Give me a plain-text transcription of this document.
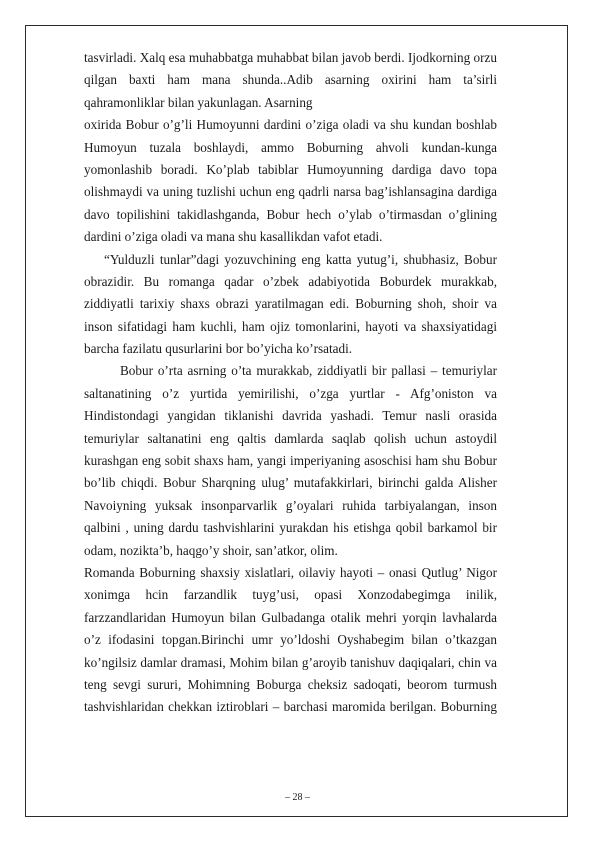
tasvirladi. Xalq esa muhabbatga muhabbat bilan javob berdi. Ijodkorning orzu
qilgan baxti ham mana shunda..Adib asarning oxirini ham ta’sirli
qahramonliklar bilan yakunlagan. Asarning
oxirida Bobur o’g’li Humoyunni dardini o’ziga oladi va shu kundan boshlab
Humoyun tuzala boshlaydi, ammo Boburning ahvoli kundan-kunga
yomonlashib boradi. Ko’plab tabiblar Humoyunning dardiga davo topa
olishmaydi va uning tuzlishi uchun eng qadrli narsa bag’ishlansagina dardiga
davo topilishini takidlashganda, Bobur hech o’ylab o’tirmasdan o’glining
dardini o’ziga oladi va mana shu kasallikdan vafot etadi.
“Yulduzli tunlar”dagi yozuvchining eng katta yutug’i, shubhasiz, Bobur
obrazidir. Bu romanga qadar o’zbek adabiyotida Boburdek murakkab,
ziddiyatli tarixiy shaxs obrazi yaratilmagan edi. Boburning shoh, shoir va
inson sifatidagi ham kuchli, ham ojiz tomonlarini, hayoti va shaxsiyatidagi
barcha fazilatu qusurlarini bor bo’yicha ko’rsatadi.
Bobur o’rta asrning o’ta murakkab, ziddiyatli bir pallasi – temuriylar
saltanatining o’z yurtida yemirilishi, o’zga yurtlar - Afg’oniston va
Hindistondagi yangidan tiklanishi davrida yashadi. Temur nasli orasida
temuriylar saltanatini eng qaltis damlarda saqlab qolish uchun astoydil
kurashgan eng sobit shaxs ham, yangi imperiyaning asoschisi ham shu Bobur
bo’lib chiqdi. Bobur Sharqning ulug’ mutafakkirlari, birinchi galda Alisher
Navoiyning yuksak insonparvarlik g’oyalari ruhida tarbiyalangan, inson
qalbini , uning dardu tashvishlarini yurakdan his etishga qobil barkamol bir
odam, nozikta’b, haqgo’y shoir, san’atkor, olim.
Romanda Boburning shaxsiy xislatlari, oilaviy hayoti – onasi Qutlug’ Nigor
xonimga hcin farzandlik tuyg’usi, opasi Xonzodabegimga inilik,
farzzandlaridan Humoyun bilan Gulbadanga otalik mehri yorqin lavhalarda
o’z ifodasini topgan.Birinchi umr yo’ldoshi Oyshabegim bilan o’tkazgan
ko’ngilsiz damlar dramasi, Mohim bilan g’aroyib tanishuv daqiqalari, chin va
teng sevgi sururi, Mohimning Boburga cheksiz sadoqati, beorom turmush
tashvishlaridan chekkan iztiroblari – barchasi maromida berilgan. Boburning
– 28 –
